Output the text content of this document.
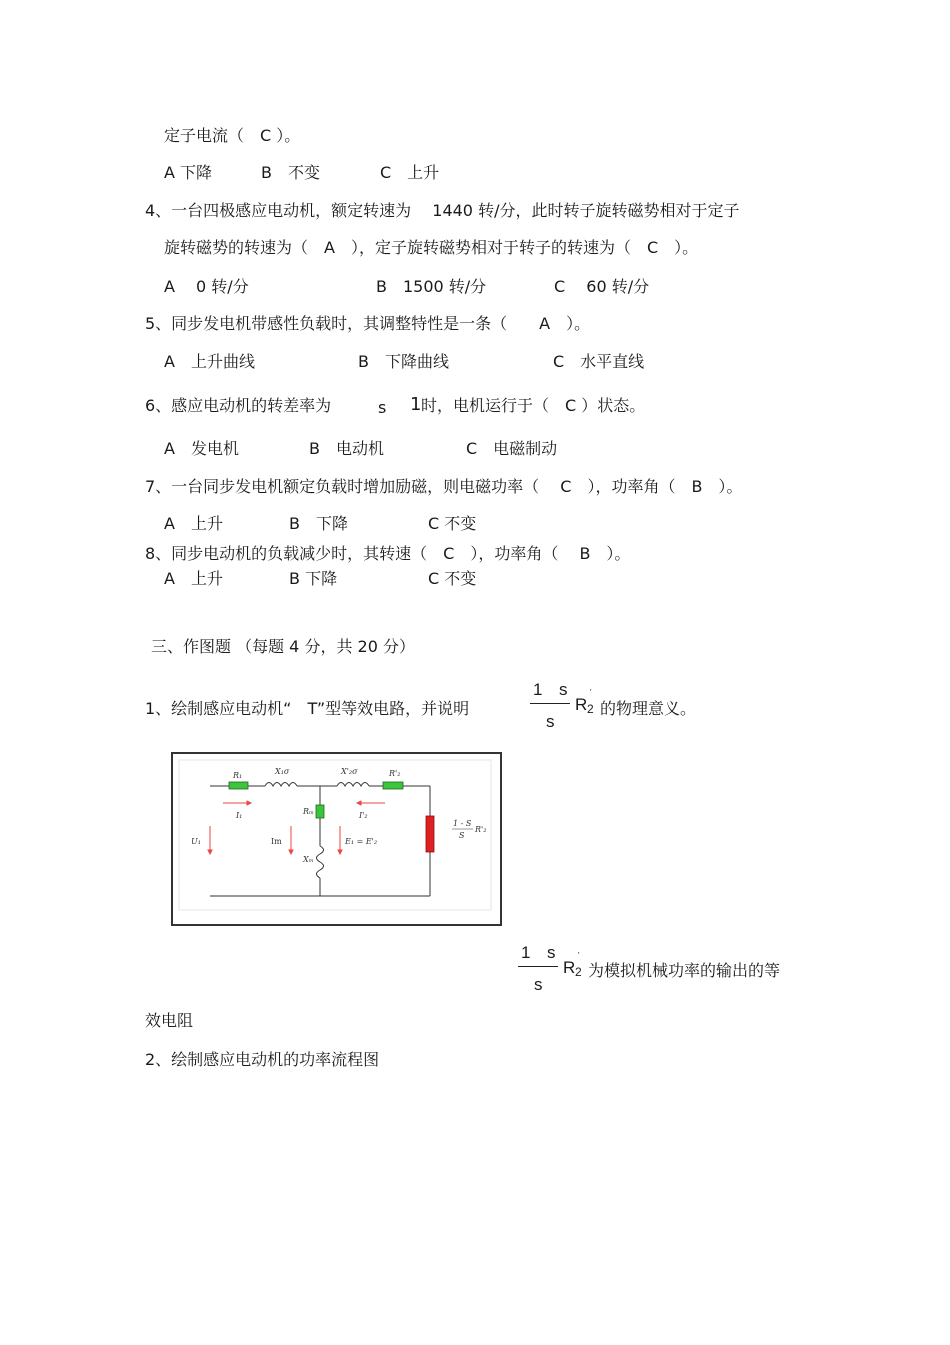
定子电流（　C ）。
A 下降	B　不变	C　上升
4、一台四极感应电动机，额定转速为　 1440 转/分，此时转子旋转磁势相对于定子
旋转磁势的转速为（　A　），定子旋转磁势相对于转子的转速为（　C　）。
A　 0 转/分	B　1500 转/分	C　 60 转/分
5、同步发电机带感性负载时，其调整特性是一条（　　A　）。
A　上升曲线	B　下降曲线	C　水平直线
6、感应电动机的转差率为	s 1 时，电机运行于（　C ）状态。
A　发电机	B　电动机	C　电磁制动
7、一台同步发电机额定负载时增加励磁，则电磁功率（　 C　），功率角（　B　）。
A　上升	B　下降	C 不变
8、同步电动机的负载减少时，其转速（　C　），功率角（　 B　）。
A　上升	B 下降	C 不变
三、作图题 （每题 4 分，共 20 分）
1、绘制感应电动机“　T”型等效电路，并说明
1 s
s
R 2
'
的物理意义。
R₁	X₁σ	X'₂σ	R'₂
I₁	I'₂
Rₘ
Xₘ
U₁	Im	E₁ = E'₂
1 - S
S
R'₂
1 s
s
R 2
'
为模拟机械功率的输出的等
效电阻
2、绘制感应电动机的功率流程图
